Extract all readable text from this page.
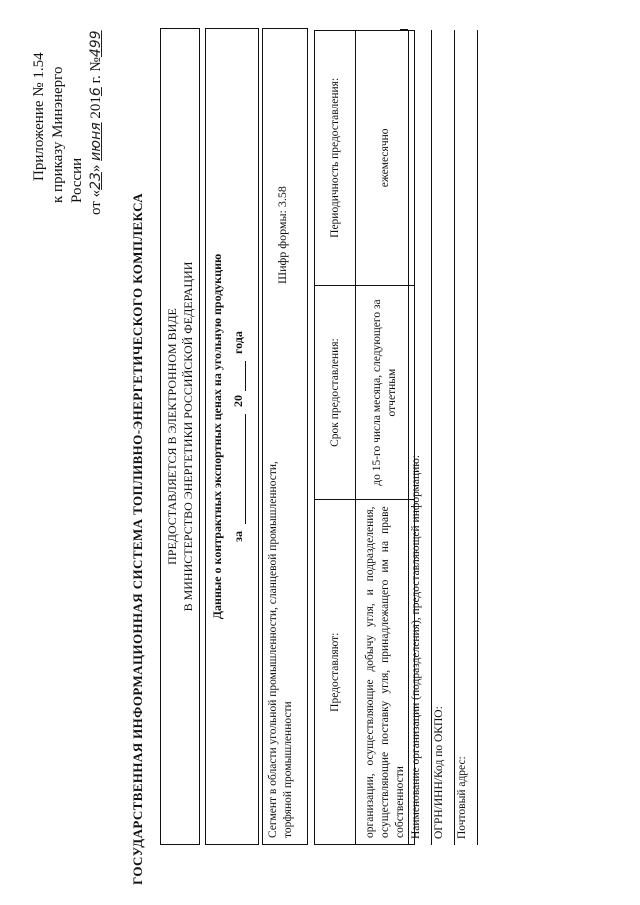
Приложение № 1.54 к приказу Минэнерго России от «23» июня 2016 г. №499
ГОСУДАРСТВЕННАЯ ИНФОРМАЦИОННАЯ СИСТЕМА ТОПЛИВНО-ЭНЕРГЕТИЧЕСКОГО КОМПЛЕКСА	ПРЕДОСТАВЛЯЕТСЯ В ЭЛЕКТРОННОМ ВИДЕ В МИНИСТЕРСТВО ЭНЕРГЕТИКИ РОССИЙСКОЙ ФЕДЕРАЦИИ	Данные о контрактных экспортных ценах на угольную продукцию за  20 года
Сегмент в области угольной промышленности, сланцевой промышленности, торфяной промышленности
Шифр формы: 3.58
Предоставляют:	Срок предоставления:	Периодичность предоставления:
организации, осуществляющие добычу угля, и подразделения, осуществляющие поставку угля, принадлежащего им на праве собственности	до 15-го числа месяца, следующего за отчетным	ежемесячно
Наименование организации (подразделения), предоставляющей информацию: ОГРН/ИНН/Код по ОКПО: Почтовый адрес:
